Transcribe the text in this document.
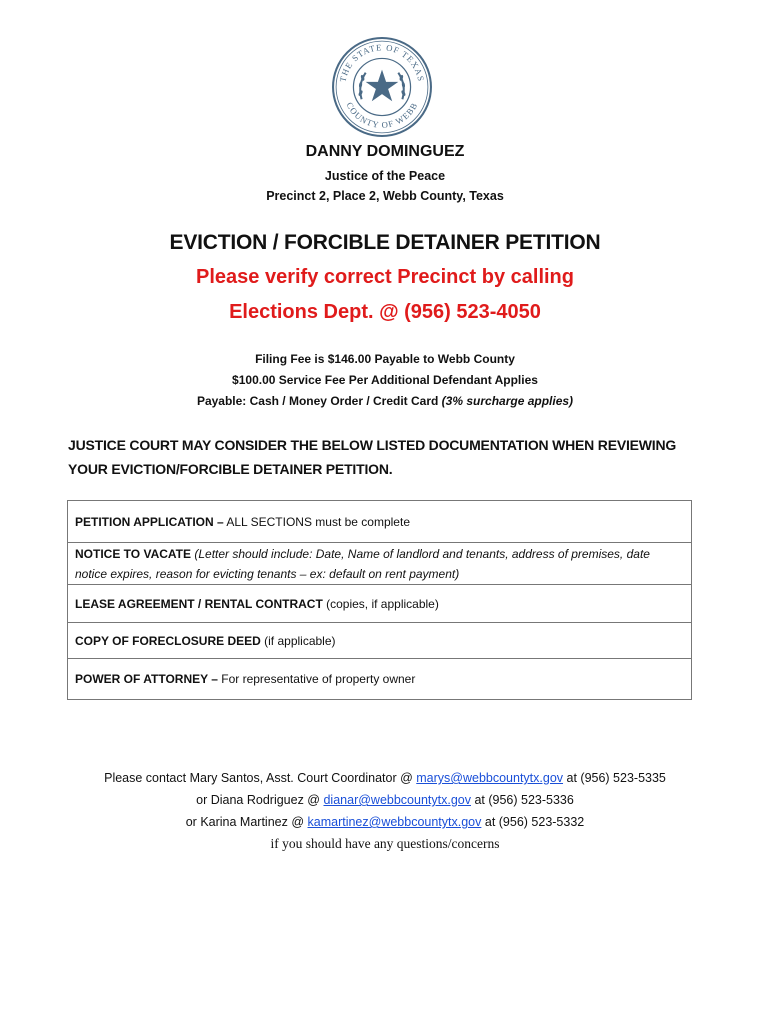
THE STATE OF TEXAS
COUNTY OF WEBB
DANNY DOMINGUEZ
Justice of the Peace
Precinct 2, Place 2, Webb County, Texas
EVICTION / FORCIBLE DETAINER PETITION
Please verify correct Precinct by calling
Elections Dept. @ (956) 523-4050
Filing Fee is $146.00 Payable to Webb County
$100.00 Service Fee Per Additional Defendant Applies
Payable: Cash / Money Order / Credit Card (3% surcharge applies)
JUSTICE COURT MAY CONSIDER THE BELOW LISTED DOCUMENTATION WHEN REVIEWING YOUR EVICTION/FORCIBLE DETAINER PETITION.
PETITION APPLICATION – ALL SECTIONS must be complete
NOTICE TO VACATE (Letter should include: Date, Name of landlord and tenants, address of premises, date notice expires, reason for evicting tenants – ex: default on rent payment)
LEASE AGREEMENT / RENTAL CONTRACT (copies, if applicable)
COPY OF FORECLOSURE DEED (if applicable)
POWER OF ATTORNEY – For representative of property owner
Please contact Mary Santos, Asst. Court Coordinator @ marys@webbcountytx.gov at (956) 523-5335
or Diana Rodriguez @ dianar@webbcountytx.gov at (956) 523-5336
or Karina Martinez @ kamartinez@webbcountytx.gov at (956) 523-5332
if you should have any questions/concerns
